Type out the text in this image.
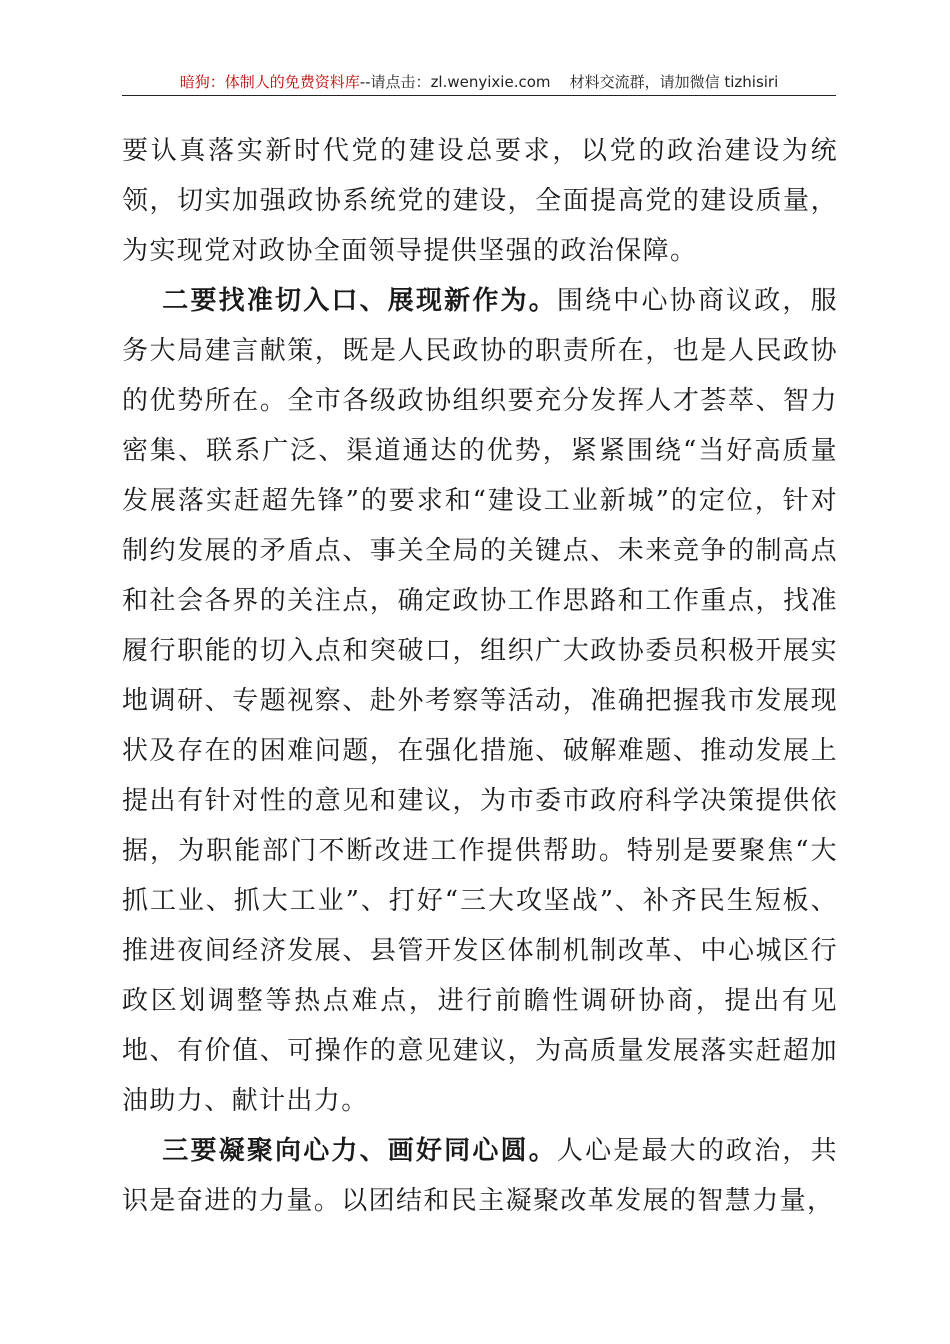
暗狗：体制人的免费资料库--请点击：zl.wenyixie.com 材料交流群，请加微信 tizhisiri

要认真落实新时代党的建设总要求，以党的政治建设为统领，切实加强政协系统党的建设，全面提高党的建设质量，为实现党对政协全面领导提供坚强的政治保障。

二要找准切入口、展现新作为。围绕中心协商议政，服务大局建言献策，既是人民政协的职责所在，也是人民政协的优势所在。全市各级政协组织要充分发挥人才荟萃、智力密集、联系广泛、渠道通达的优势，紧紧围绕“当好高质量发展落实赶超先锋”的要求和“建设工业新城”的定位，针对制约发展的矛盾点、事关全局的关键点、未来竞争的制高点和社会各界的关注点，确定政协工作思路和工作重点，找准履行职能的切入点和突破口，组织广大政协委员积极开展实地调研、专题视察、赴外考察等活动，准确把握我市发展现状及存在的困难问题，在强化措施、破解难题、推动发展上提出有针对性的意见和建议，为市委市政府科学决策提供依据，为职能部门不断改进工作提供帮助。特别是要聚焦“大抓工业、抓大工业”、打好“三大攻坚战”、补齐民生短板、推进夜间经济发展、县管开发区体制机制改革、中心城区行政区划调整等热点难点，进行前瞻性调研协商，提出有见地、有价值、可操作的意见建议，为高质量发展落实赶超加油助力、献计出力。

三要凝聚向心力、画好同心圆。人心是最大的政治，共识是奋进的力量。以团结和民主凝聚改革发展的智慧力量，
